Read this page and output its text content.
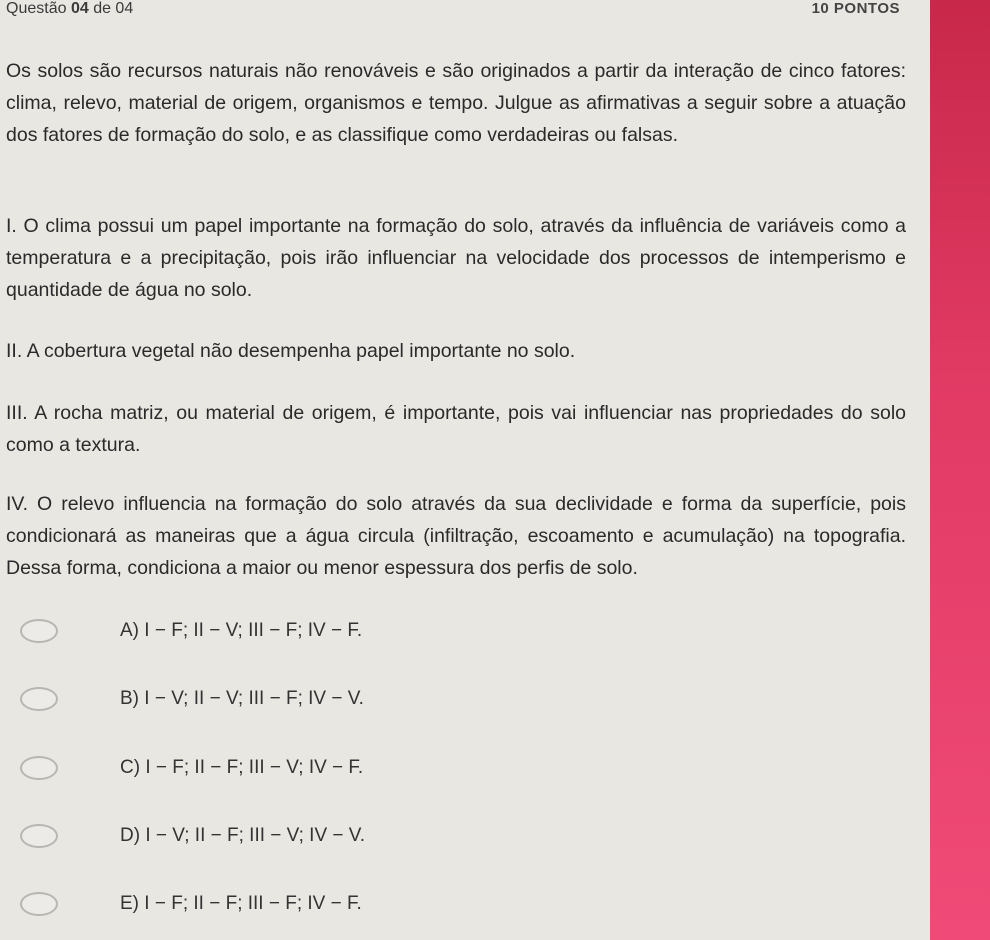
Questão 04 de 04	10 PONTOS
Os solos são recursos naturais não renováveis e são originados a partir da interação de cinco fatores: clima, relevo, material de origem, organismos e tempo. Julgue as afirmativas a seguir sobre a atuação dos fatores de formação do solo, e as classifique como verdadeiras ou falsas.
I. O clima possui um papel importante na formação do solo, através da influência de variáveis como a temperatura e a precipitação, pois irão influenciar na velocidade dos processos de intemperismo e quantidade de água no solo.
II. A cobertura vegetal não desempenha papel importante no solo.
III. A rocha matriz, ou material de origem, é importante, pois vai influenciar nas propriedades do solo como a textura.
IV. O relevo influencia na formação do solo através da sua declividade e forma da superfície, pois condicionará as maneiras que a água circula (infiltração, escoamento e acumulação) na topografia. Dessa forma, condiciona a maior ou menor espessura dos perfis de solo.
A) I − F; II − V; III − F; IV − F.
B) I − V; II − V; III − F; IV − V.
C) I − F; II − F; III − V; IV − F.
D) I − V; II − F; III − V; IV − V.
E) I − F; II − F; III − F; IV − F.
